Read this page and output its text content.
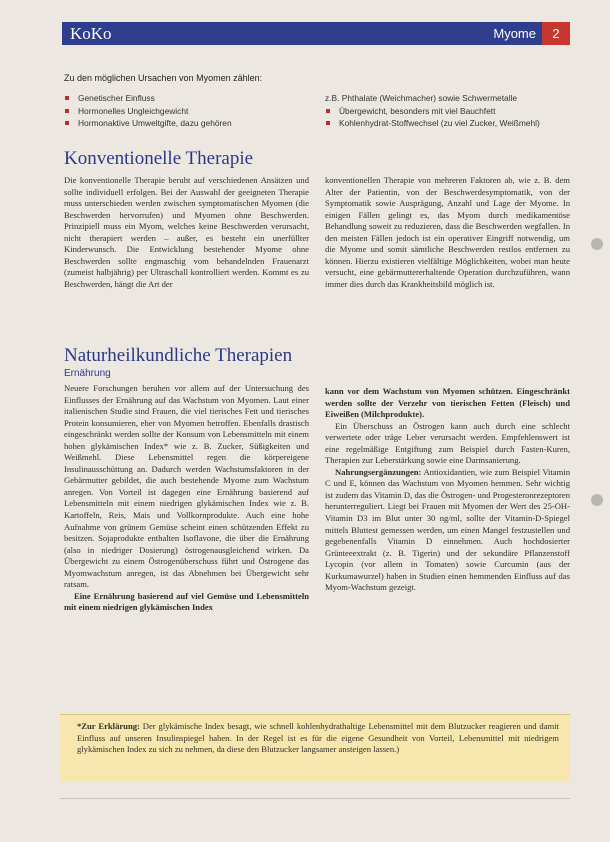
KoKo	Myome	2
Zu den möglichen Ursachen von Myomen zählen:
Genetischer Einfluss
Hormonelles Ungleichgewicht
Hormonaktive Umweltgifte, dazu gehören
z.B. Phthalate (Weichmacher) sowie Schwermetalle
Übergewicht, besonders mit viel Bauchfett
Kohlenhydrat-Stoffwechsel (zu viel Zucker, Weißmehl)
Konventionelle Therapie

Die konventionelle Therapie beruht auf verschiedenen Ansätzen und sollte individuell erfolgen. Bei der Auswahl der geeigneten Therapie muss unterschieden werden zwischen symptomatischen Myomen (die Beschwerden hervorrufen) und Myomen ohne Beschwerden. Prinzipiell muss ein Myom, welches keine Beschwerden verursacht, nicht therapiert werden – außer, es besteht ein unerfüllter Kinderwunsch. Die Entwicklung bestehender Myome ohne Beschwerden sollte engmaschig vom behandelnden Frauenarzt (zumeist halbjährig) per Ultraschall kontrolliert werden. Kommt es zu Beschwerden, hängt die Art der

konventionellen Therapie von mehreren Faktoren ab, wie z. B. dem Alter der Patientin, von der Beschwerdesymptomatik, von der Symptomatik sowie Ausprägung, Anzahl und Lage der Myome. In einigen Fällen gelingt es, das Myom durch medikamentöse Behandlung soweit zu reduzieren, dass die Beschwerden wegfallen. In den meisten Fällen jedoch ist ein operativer Eingriff notwendig, um die Myome und somit sämtliche Beschwerden restlos entfernen zu können. Hierzu existieren vielfältige Möglichkeiten, wobei man heute versucht, eine gebärmuttererhaltende Operation durchzuführen, wann immer dies durch das Krankheitsbild möglich ist.

Naturheilkundliche Therapien
Ernährung

Neuere Forschungen beruhen vor allem auf der Untersuchung des Einflusses der Ernährung auf das Wachstum von Myomen. Laut einer italienischen Studie sind Frauen, die viel tierisches Fett und tierisches Protein konsumieren, eher von Myomen betroffen. Ebenfalls drastisch eingeschränkt werden sollte der Konsum von Lebensmitteln mit einem hohen glykämischen Index* wie z. B. Zucker, Süßigkeiten und Weißmehl. Diese Lebensmittel regen die körpereigene Insulinausschüttung an. Dadurch werden Wachstumsfaktoren in der Gebärmutter gebildet, die auch bestehende Myome zum Wachstum anregen. Von Vorteil ist dagegen eine Ernährung basierend auf Lebensmitteln mit einem niedrigen glykämischen Index wie z. B. Kartoffeln, Reis, Mais und Vollkornprodukte. Auch eine hohe Aufnahme von grünem Gemüse scheint einen schützenden Effekt zu besitzen. Sojaprodukte enthalten Isoflavone, die über die Ernährung (also in niedriger Dosierung) östrogenausgleichend wirken. Da Übergewicht zu einem Östrogenüberschuss führt und Östrogene das Myomwachstum anregen, ist das Abnehmen bei Übergewicht sehr ratsam.

Eine Ernährung basierend auf viel Gemüse und Lebensmitteln mit einem niedrigen glykämischen Index

kann vor dem Wachstum von Myomen schützen. Eingeschränkt werden sollte der Verzehr von tierischen Fetten (Fleisch) und Eiweißen (Milchprodukte).

Ein Überschuss an Östrogen kann auch durch eine schlecht verwertete oder träge Leber verursacht werden. Empfehlenswert ist eine regelmäßige Entgiftung zum Beispiel durch Fasten-Kuren, Therapien zur Leberstärkung sowie eine Darmsanierung.

Nahrungsergänzungen: Antioxidantien, wie zum Beispiel Vitamin C und E, können das Wachstum von Myomen hemmen. Sehr wichtig ist zudem das Vitamin D, das die Östrogen- und Progesteronrezeptoren herunterreguliert. Liegt bei Frauen mit Myomen der Wert des 25-OH-Vitamin D3 im Blut unter 30 ng/ml, sollte der Vitamin-D-Spiegel mittels Bluttest gemessen werden, um einen Mangel festzustellen und gegebenenfalls Vitamin D einnehmen. Auch hochdosierter Grünteeextrakt (z. B. Tigerin) und der sekundäre Pflanzenstoff Lycopin (vor allem in Tomaten) sowie Curcumin (aus der Kurkumawurzel) haben in Studien einen hemmenden Einfluss auf das Myom-Wachstum gezeigt.

*Zur Erklärung: Der glykämische Index besagt, wie schnell kohlenhydrathaltige Lebensmittel mit dem Blutzucker reagieren und damit Einfluss auf unseren Insulinspiegel haben. In der Regel ist es für die eigene Gesundheit von Vorteil, Lebensmittel mit niedrigem glykämischen Index zu sich zu nehmen, da diese den Blutzucker langsamer ansteigen lassen.)
